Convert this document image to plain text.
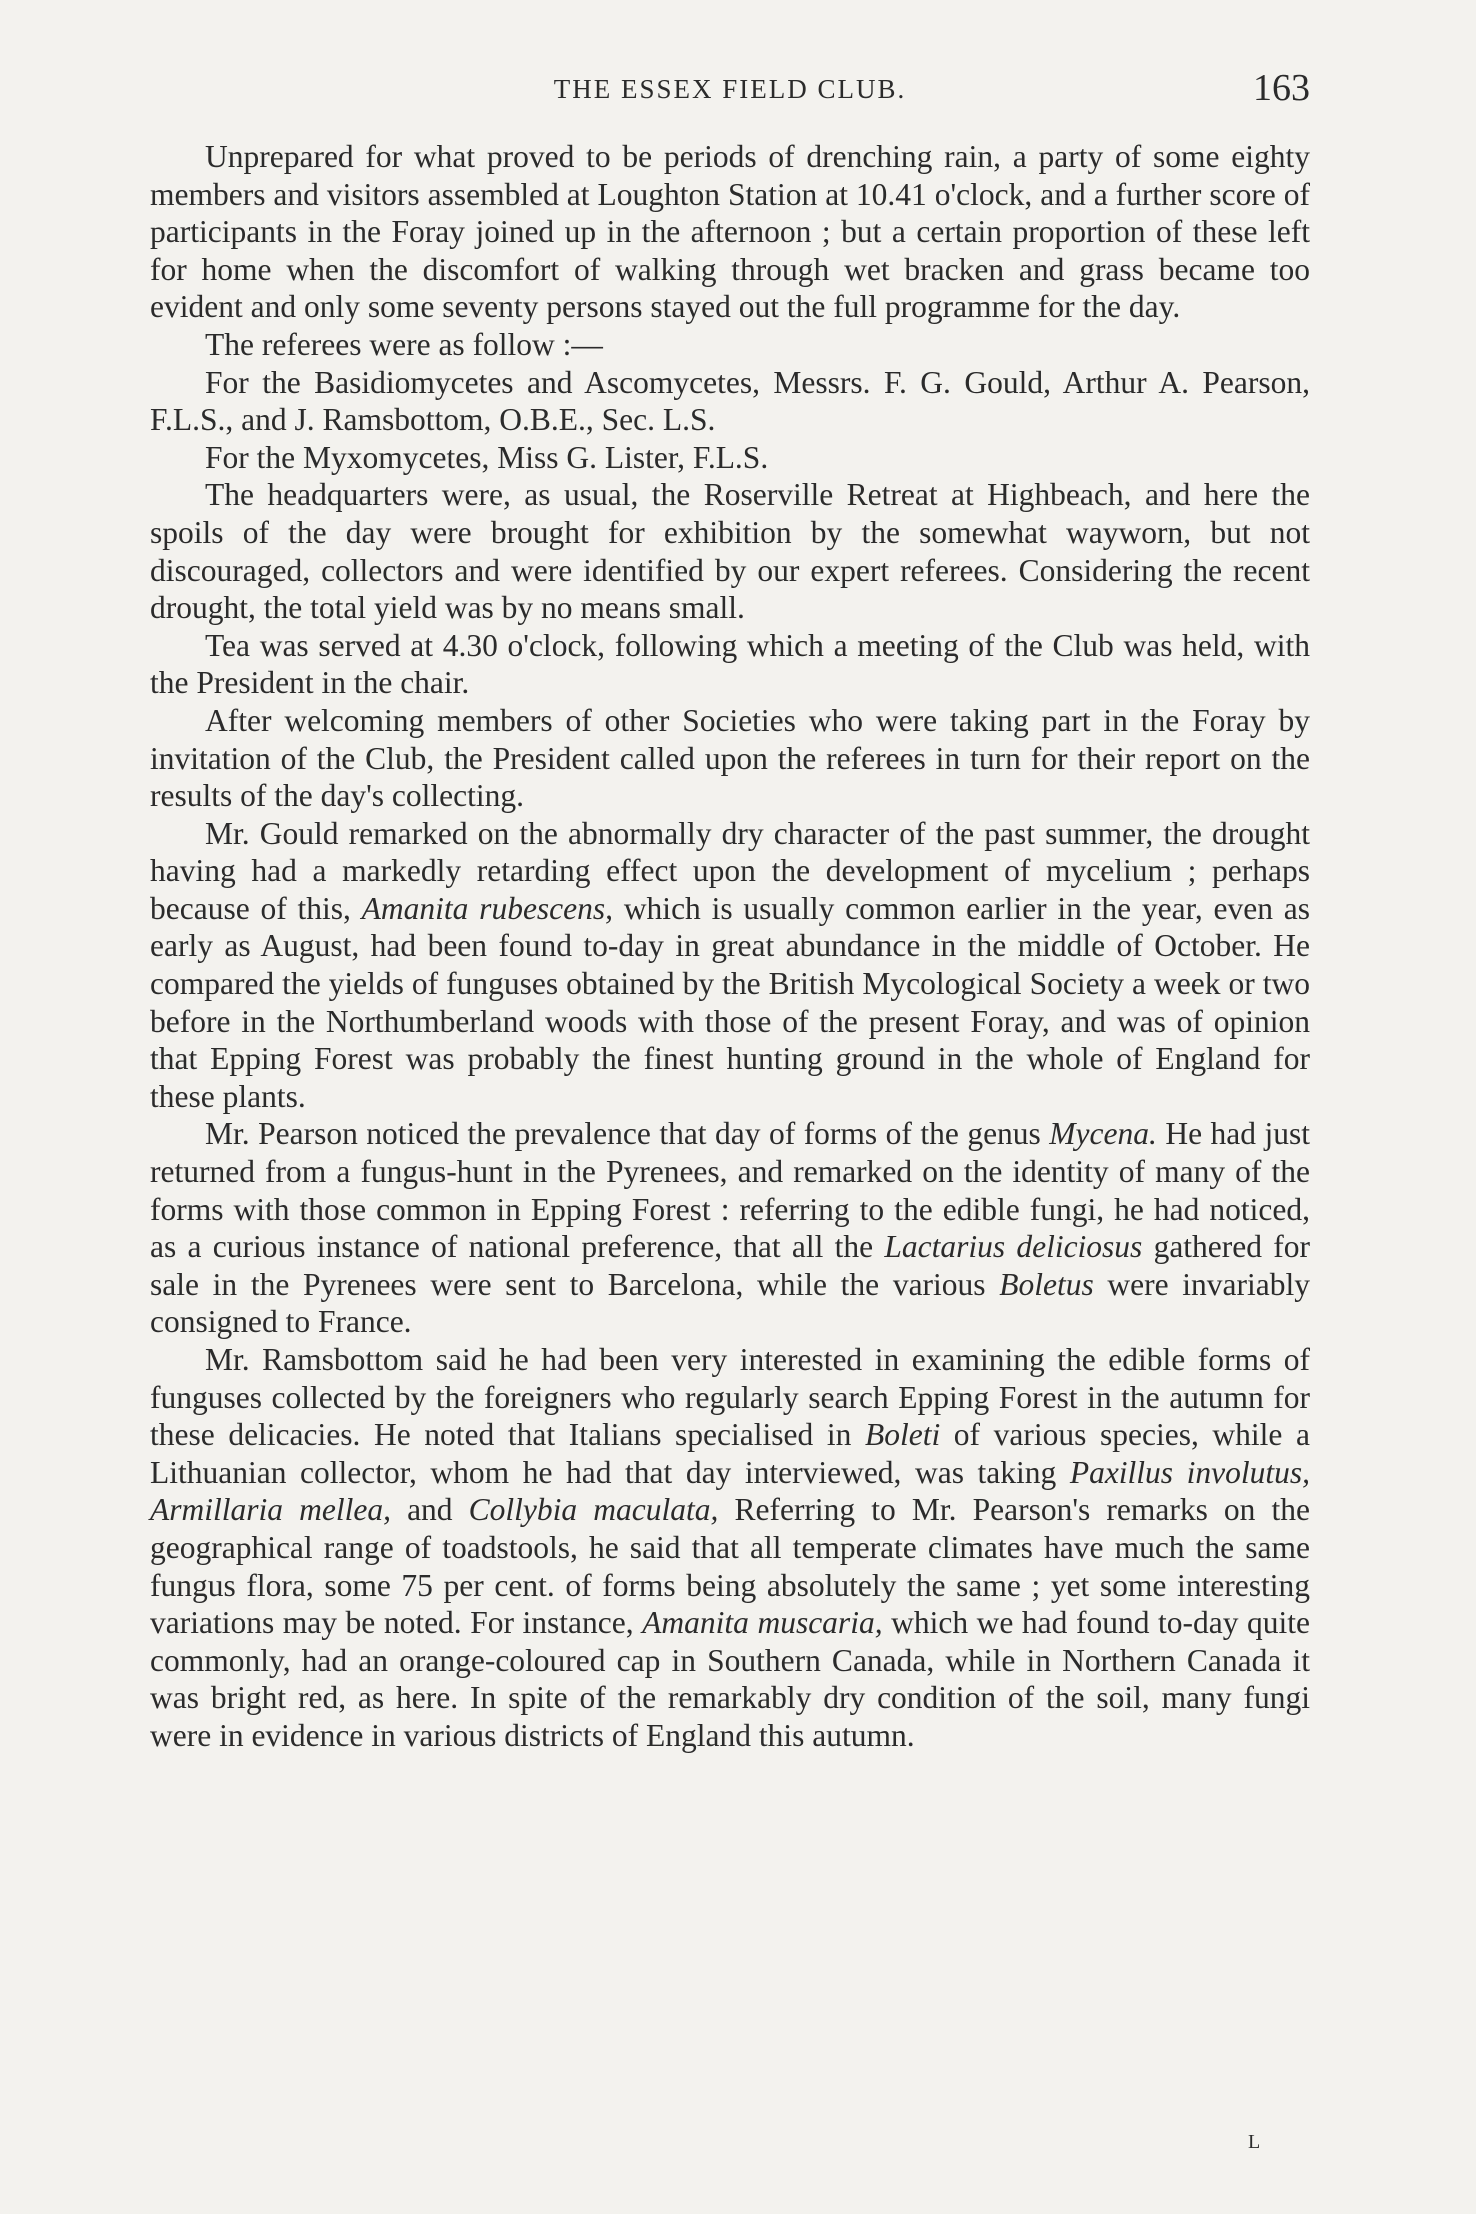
THE ESSEX FIELD CLUB.	163

Unprepared for what proved to be periods of drenching rain, a party of some eighty members and visitors assembled at Loughton Station at 10.41 o'clock, and a further score of participants in the Foray joined up in the afternoon ; but a certain proportion of these left for home when the discomfort of walking through wet bracken and grass became too evident and only some seventy persons stayed out the full programme for the day.

The referees were as follow :—

For the Basidiomycetes and Ascomycetes, Messrs. F. G. Gould, Arthur A. Pearson, F.L.S., and J. Ramsbottom, O.B.E., Sec. L.S.

For the Myxomycetes, Miss G. Lister, F.L.S.

The headquarters were, as usual, the Roserville Retreat at Highbeach, and here the spoils of the day were brought for exhibition by the somewhat wayworn, but not discouraged, collectors and were identified by our expert referees. Considering the recent drought, the total yield was by no means small.

Tea was served at 4.30 o'clock, following which a meeting of the Club was held, with the President in the chair.

After welcoming members of other Societies who were taking part in the Foray by invitation of the Club, the President called upon the referees in turn for their report on the results of the day's collecting.

Mr. Gould remarked on the abnormally dry character of the past summer, the drought having had a markedly retarding effect upon the development of mycelium ; perhaps because of this, Amanita rubescens, which is usually common earlier in the year, even as early as August, had been found to-day in great abundance in the middle of October. He compared the yields of funguses obtained by the British Mycological Society a week or two before in the Northumberland woods with those of the present Foray, and was of opinion that Epping Forest was probably the finest hunting ground in the whole of England for these plants.

Mr. Pearson noticed the prevalence that day of forms of the genus Mycena. He had just returned from a fungus-hunt in the Pyrenees, and remarked on the identity of many of the forms with those common in Epping Forest : referring to the edible fungi, he had noticed, as a curious instance of national preference, that all the Lactarius deliciosus gathered for sale in the Pyrenees were sent to Barcelona, while the various Boletus were invariably consigned to France.

Mr. Ramsbottom said he had been very interested in examining the edible forms of funguses collected by the foreigners who regularly search Epping Forest in the autumn for these delicacies. He noted that Italians specialised in Boleti of various species, while a Lithuanian collector, whom he had that day interviewed, was taking Paxillus involutus, Armillaria mellea, and Collybia maculata, Referring to Mr. Pearson's remarks on the geographical range of toadstools, he said that all temperate climates have much the same fungus flora, some 75 per cent. of forms being absolutely the same ; yet some interesting variations may be noted. For instance, Amanita muscaria, which we had found to-day quite commonly, had an orange-coloured cap in Southern Canada, while in Northern Canada it was bright red, as here. In spite of the remarkably dry condition of the soil, many fungi were in evidence in various districts of England this autumn.

L
